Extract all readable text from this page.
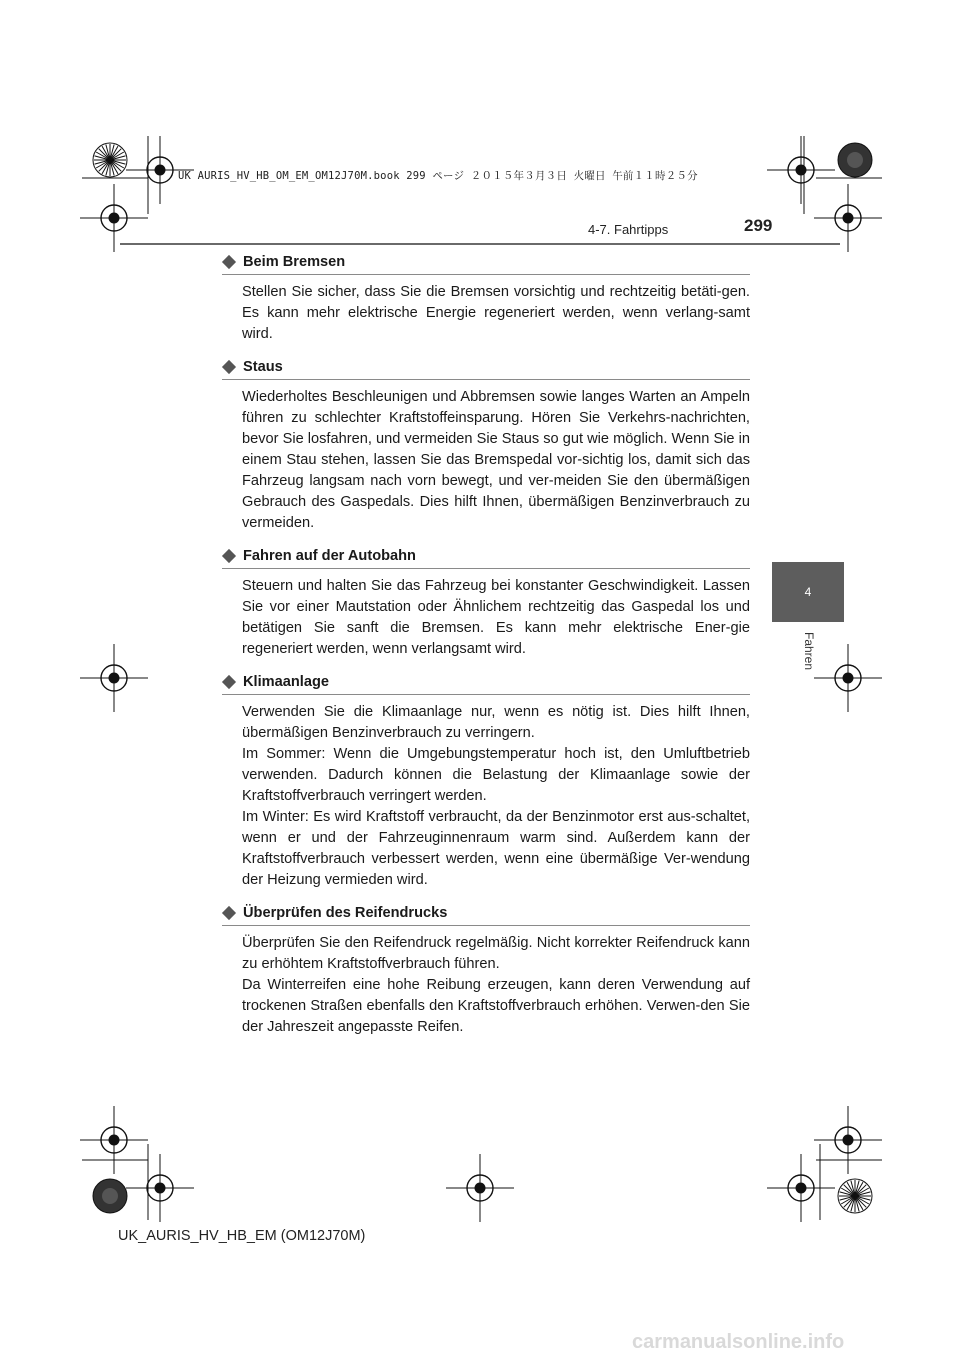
UK AURIS_HV_HB_OM_EM_OM12J70M.book 299 ページ ２０１５年３月３日 火曜日 午前１１時２５分
4-7. Fahrtipps	299
4
Fahren
Beim Bremsen

Stellen Sie sicher, dass Sie die Bremsen vorsichtig und rechtzeitig betäti-gen. Es kann mehr elektrische Energie regeneriert werden, wenn verlang-samt wird.

Staus

Wiederholtes Beschleunigen und Abbremsen sowie langes Warten an Ampeln führen zu schlechter Kraftstoffeinsparung. Hören Sie Verkehrs-nachrichten, bevor Sie losfahren, und vermeiden Sie Staus so gut wie möglich. Wenn Sie in einem Stau stehen, lassen Sie das Bremspedal vor-sichtig los, damit sich das Fahrzeug langsam nach vorn bewegt, und ver-meiden Sie den übermäßigen Gebrauch des Gaspedals. Dies hilft Ihnen, übermäßigen Benzinverbrauch zu vermeiden.

Fahren auf der Autobahn

Steuern und halten Sie das Fahrzeug bei konstanter Geschwindigkeit. Lassen Sie vor einer Mautstation oder Ähnlichem rechtzeitig das Gaspedal los und betätigen Sie sanft die Bremsen. Es kann mehr elektrische Ener-gie regeneriert werden, wenn verlangsamt wird.

Klimaanlage

Verwenden Sie die Klimaanlage nur, wenn es nötig ist. Dies hilft Ihnen, übermäßigen Benzinverbrauch zu verringern.

Im Sommer: Wenn die Umgebungstemperatur hoch ist, den Umluftbetrieb verwenden. Dadurch können die Belastung der Klimaanlage sowie der Kraftstoffverbrauch verringert werden.

Im Winter: Es wird Kraftstoff verbraucht, da der Benzinmotor erst aus-schaltet, wenn er und der Fahrzeuginnenraum warm sind. Außerdem kann der Kraftstoffverbrauch verbessert werden, wenn eine übermäßige Ver-wendung der Heizung vermieden wird.

Überprüfen des Reifendrucks

Überprüfen Sie den Reifendruck regelmäßig. Nicht korrekter Reifendruck kann zu erhöhtem Kraftstoffverbrauch führen.

Da Winterreifen eine hohe Reibung erzeugen, kann deren Verwendung auf trockenen Straßen ebenfalls den Kraftstoffverbrauch erhöhen. Verwen-den Sie der Jahreszeit angepasste Reifen.

UK_AURIS_HV_HB_EM (OM12J70M)
carmanualsonline.info
